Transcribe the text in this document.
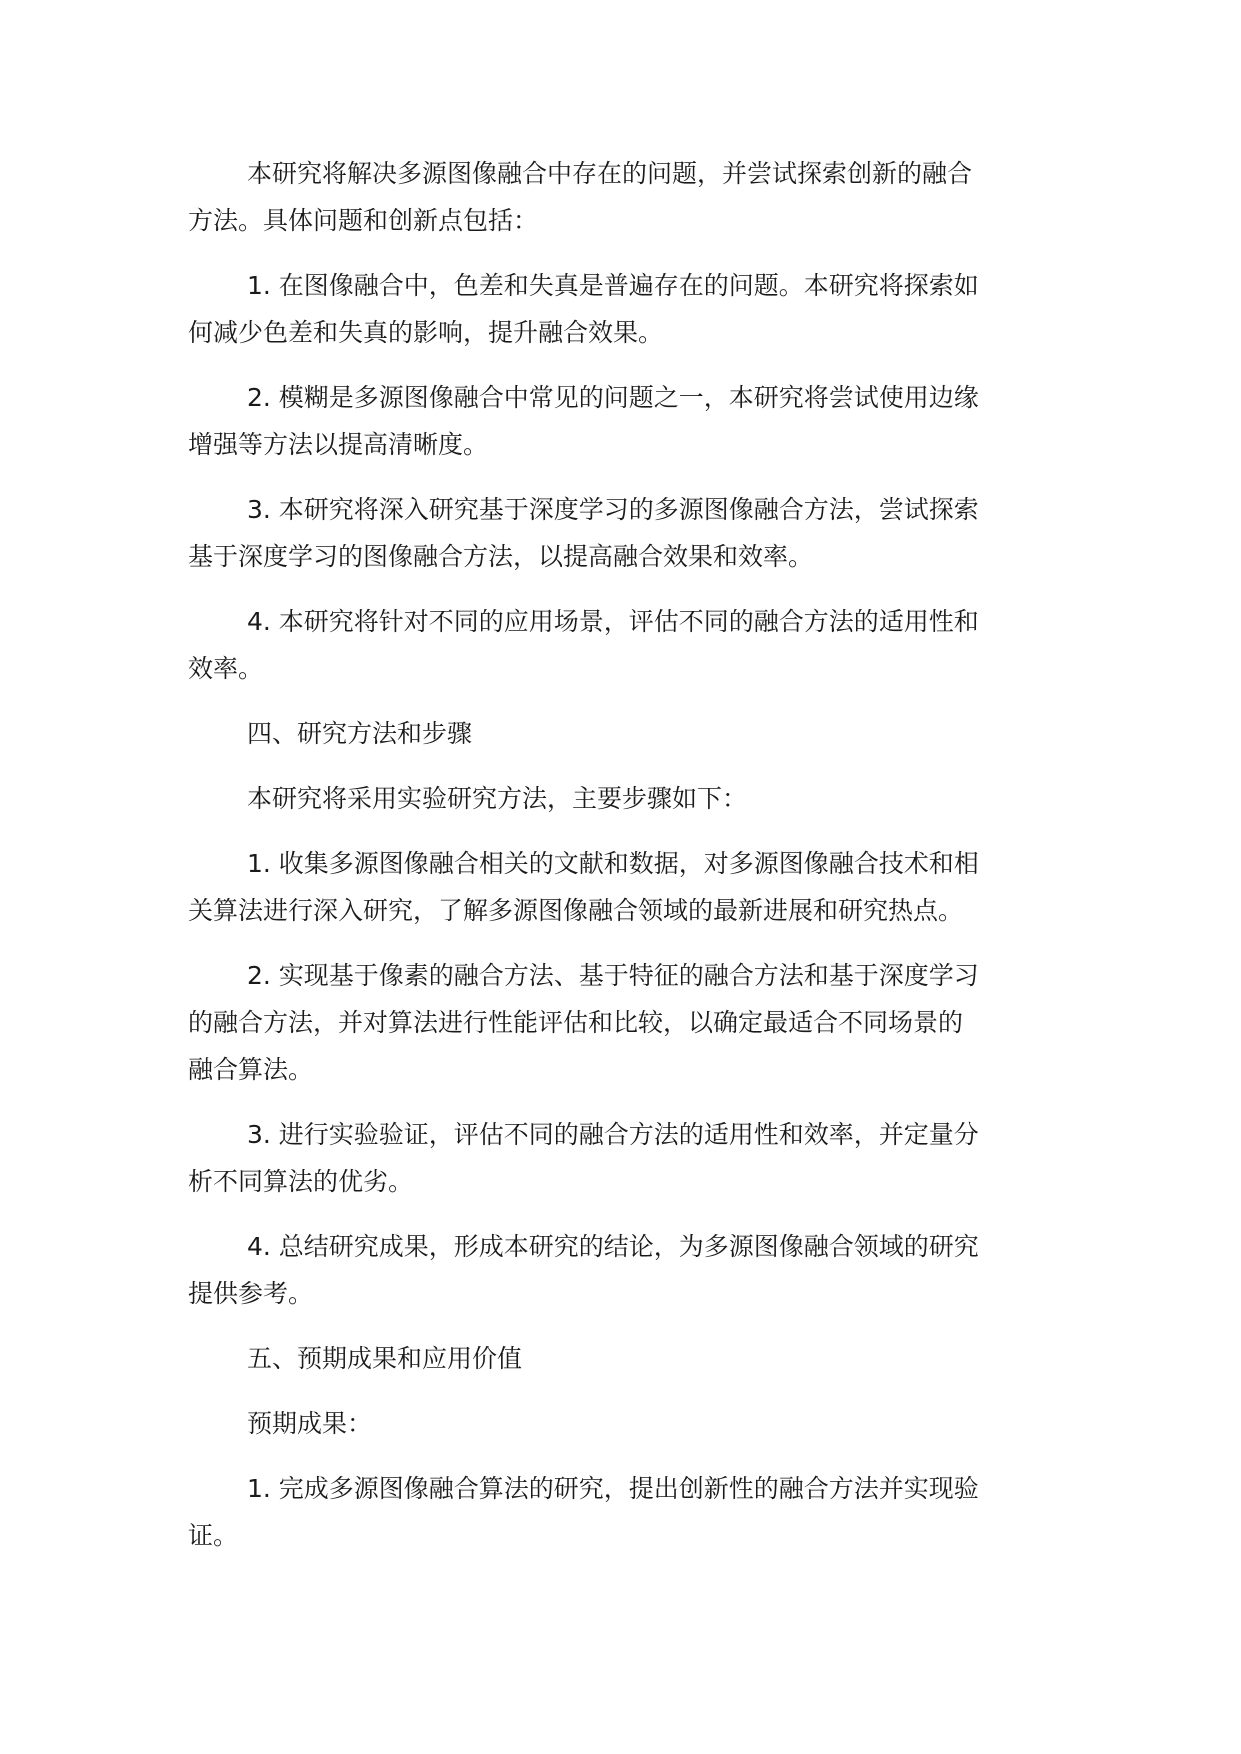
本研究将解决多源图像融合中存在的问题，并尝试探索创新的融合
方法。具体问题和创新点包括：
1. 在图像融合中，色差和失真是普遍存在的问题。本研究将探索如
何减少色差和失真的影响，提升融合效果。
2. 模糊是多源图像融合中常见的问题之一，本研究将尝试使用边缘
增强等方法以提高清晰度。
3. 本研究将深入研究基于深度学习的多源图像融合方法，尝试探索
基于深度学习的图像融合方法，以提高融合效果和效率。
4. 本研究将针对不同的应用场景，评估不同的融合方法的适用性和
效率。
四、研究方法和步骤
本研究将采用实验研究方法，主要步骤如下：
1. 收集多源图像融合相关的文献和数据，对多源图像融合技术和相
关算法进行深入研究，了解多源图像融合领域的最新进展和研究热点。
2. 实现基于像素的融合方法、基于特征的融合方法和基于深度学习
的融合方法，并对算法进行性能评估和比较，以确定最适合不同场景的
融合算法。
3. 进行实验验证，评估不同的融合方法的适用性和效率，并定量分
析不同算法的优劣。
4. 总结研究成果，形成本研究的结论，为多源图像融合领域的研究
提供参考。
五、预期成果和应用价值
预期成果：
1. 完成多源图像融合算法的研究，提出创新性的融合方法并实现验
证。
